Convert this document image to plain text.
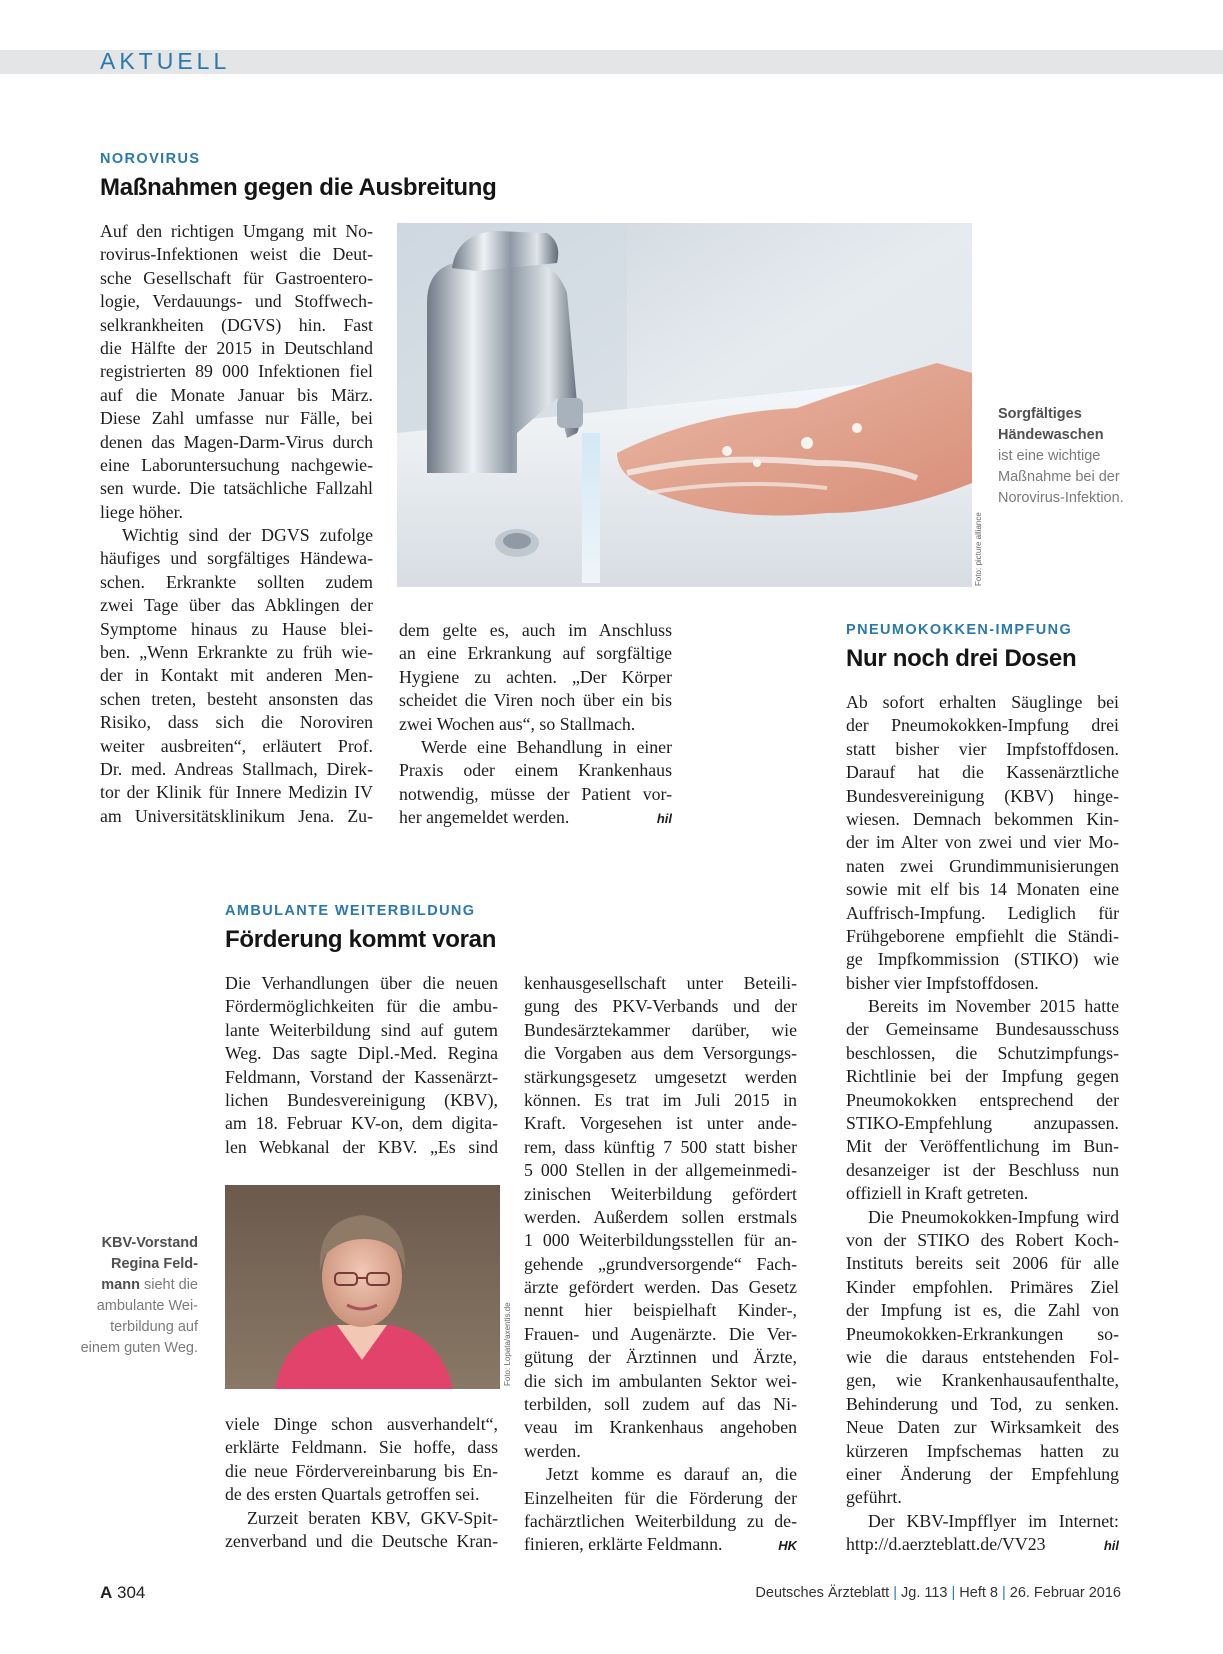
AKTUELL
NOROVIRUS
Maßnahmen gegen die Ausbreitung
Auf den richtigen Umgang mit No-
rovirus-Infektionen weist die Deut-
sche Gesellschaft für Gastroentero-
logie, Verdauungs- und Stoffwech-
selkrankheiten (DGVS) hin. Fast
die Hälfte der 2015 in Deutschland
registrierten 89 000 Infektionen fiel
auf die Monate Januar bis März.
Diese Zahl umfasse nur Fälle, bei
denen das Magen-Darm-Virus durch
eine Laboruntersuchung nachgewie-
sen wurde. Die tatsächliche Fallzahl
liege höher.
Wichtig sind der DGVS zufolge
häufiges und sorgfältiges Händewa-
schen. Erkrankte sollten zudem
zwei Tage über das Abklingen der
Symptome hinaus zu Hause blei-
ben. „Wenn Erkrankte zu früh wie-
der in Kontakt mit anderen Men-
schen treten, besteht ansonsten das
Risiko, dass sich die Noroviren
weiter ausbreiten“, erläutert Prof.
Dr. med. Andreas Stallmach, Direk-
tor der Klinik für Innere Medizin IV
am Universitätsklinikum Jena. Zu-
Foto: picture alliance
Sorgfältiges Händewaschen
ist eine wichtige
Maßnahme bei der
Norovirus-Infektion.
dem gelte es, auch im Anschluss
an eine Erkrankung auf sorgfältige
Hygiene zu achten. „Der Körper
scheidet die Viren noch über ein bis
zwei Wochen aus“, so Stallmach.
Werde eine Behandlung in einer
Praxis oder einem Krankenhaus
notwendig, müsse der Patient vor-
her angemeldet werden.	hil
AMBULANTE WEITERBILDUNG
Förderung kommt voran
Die Verhandlungen über die neuen
Fördermöglichkeiten für die ambu-
lante Weiterbildung sind auf gutem
Weg. Das sagte Dipl.-Med. Regina
Feldmann, Vorstand der Kassenärzt-
lichen Bundesvereinigung (KBV),
am 18. Februar KV-on, dem digita-
len Webkanal der KBV. „Es sind
Foto: Lopata/axentis.de
KBV-Vorstand
Regina Feld-
mann sieht die
ambulante Wei-
terbildung auf
einem guten Weg.
viele Dinge schon ausverhandelt“,
erklärte Feldmann. Sie hoffe, dass
die neue Fördervereinbarung bis En-
de des ersten Quartals getroffen sei.
Zurzeit beraten KBV, GKV-Spit-
zenverband und die Deutsche Kran-
kenhausgesellschaft unter Beteili-
gung des PKV-Verbands und der
Bundesärztekammer darüber, wie
die Vorgaben aus dem Versorgungs-
stärkungsgesetz umgesetzt werden
können. Es trat im Juli 2015 in
Kraft. Vorgesehen ist unter ande-
rem, dass künftig 7 500 statt bisher
5 000 Stellen in der allgemeinmedi-
zinischen Weiterbildung gefördert
werden. Außerdem sollen erstmals
1 000 Weiterbildungsstellen für an-
gehende „grundversorgende“ Fach-
ärzte gefördert werden. Das Gesetz
nennt hier beispielhaft Kinder-,
Frauen- und Augenärzte. Die Ver-
gütung der Ärztinnen und Ärzte,
die sich im ambulanten Sektor wei-
terbilden, soll zudem auf das Ni-
veau im Krankenhaus angehoben
werden.
Jetzt komme es darauf an, die
Einzelheiten für die Förderung der
fachärztlichen Weiterbildung zu de-
finieren, erklärte Feldmann.	HK
PNEUMOKOKKEN-IMPFUNG
Nur noch drei Dosen
Ab sofort erhalten Säuglinge bei
der Pneumokokken-Impfung drei
statt bisher vier Impfstoffdosen.
Darauf hat die Kassenärztliche
Bundesvereinigung (KBV) hinge-
wiesen. Demnach bekommen Kin-
der im Alter von zwei und vier Mo-
naten zwei Grundimmunisierungen
sowie mit elf bis 14 Monaten eine
Auffrisch-Impfung. Lediglich für
Frühgeborene empfiehlt die Ständi-
ge Impfkommission (STIKO) wie
bisher vier Impfstoffdosen.
Bereits im November 2015 hatte
der Gemeinsame Bundesausschuss
beschlossen, die Schutzimpfungs-
Richtlinie bei der Impfung gegen
Pneumokokken entsprechend der
STIKO-Empfehlung anzupassen.
Mit der Veröffentlichung im Bun-
desanzeiger ist der Beschluss nun
offiziell in Kraft getreten.
Die Pneumokokken-Impfung wird
von der STIKO des Robert Koch-
Instituts bereits seit 2006 für alle
Kinder empfohlen. Primäres Ziel
der Impfung ist es, die Zahl von
Pneumokokken-Erkrankungen so-
wie die daraus entstehenden Fol-
gen, wie Krankenhausaufenthalte,
Behinderung und Tod, zu senken.
Neue Daten zur Wirksamkeit des
kürzeren Impfschemas hatten zu
einer Änderung der Empfehlung
geführt.
Der KBV-Impfflyer im Internet:
http://d.aerzteblatt.de/VV23	hil
A 304	Deutsches Ärzteblatt | Jg. 113 | Heft 8 | 26. Februar 2016
